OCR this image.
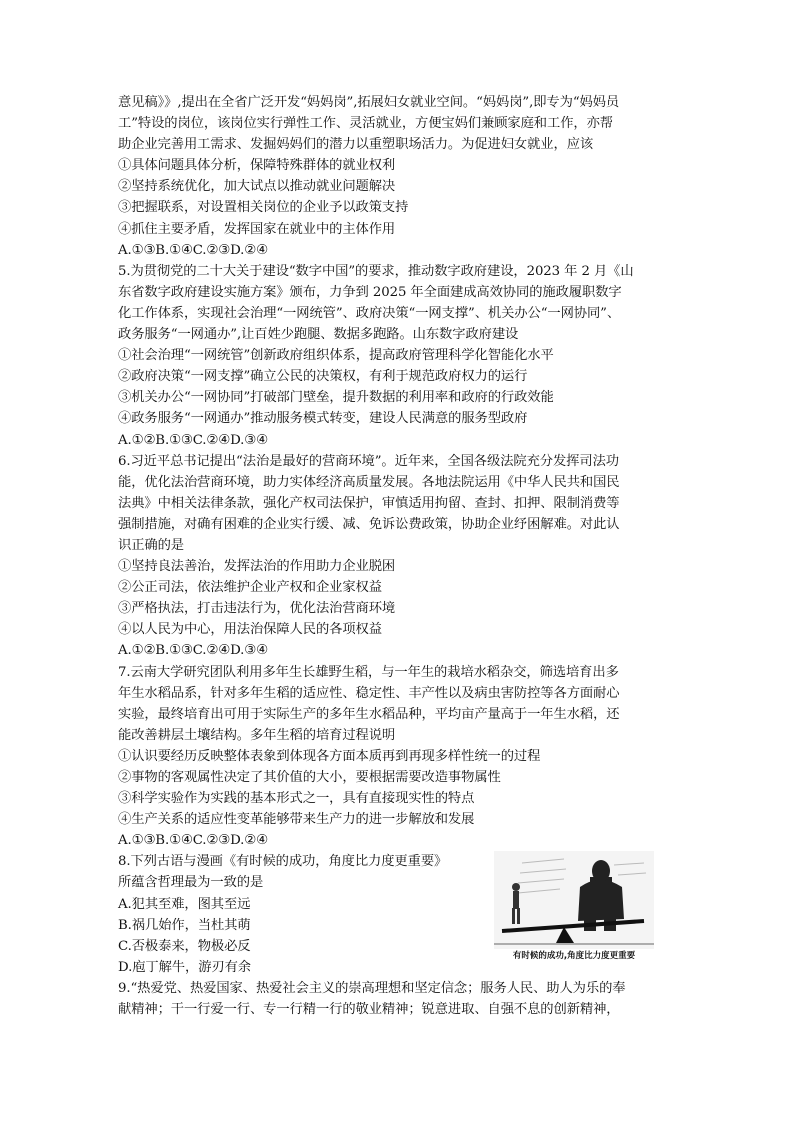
意见稿》》,提出在全省广泛开发“妈妈岗”,拓展妇女就业空间。“妈妈岗”,即专为“妈妈员
工”特设的岗位，该岗位实行弹性工作、灵活就业，方便宝妈们兼顾家庭和工作，亦帮
助企业完善用工需求、发掘妈妈们的潜力以重塑职场活力。为促进妇女就业，应该
①具体问题具体分析，保障特殊群体的就业权利
②坚持系统优化，加大试点以推动就业问题解决
③把握联系，对设置相关岗位的企业予以政策支持
④抓住主要矛盾，发挥国家在就业中的主体作用
A.①③B.①④C.②③D.②④
5.为贯彻党的二十大关于建设“数字中国”的要求，推动数字政府建设，2023 年 2 月《山
东省数字政府建设实施方案》颁布，力争到 2025 年全面建成高效协同的施政履职数字
化工作体系，实现社会治理“一网统管”、政府决策“一网支撑”、机关办公“一网协同”、
政务服务“一网通办”,让百姓少跑腿、数据多跑路。山东数字政府建设
①社会治理“一网统管”创新政府组织体系，提高政府管理科学化智能化水平
②政府决策“一网支撑”确立公民的决策权，有利于规范政府权力的运行
③机关办公“一网协同”打破部门壁垒，提升数据的利用率和政府的行政效能
④政务服务“一网通办”推动服务模式转变，建设人民满意的服务型政府
A.①②B.①③C.②④D.③④
6.习近平总书记提出“法治是最好的营商环境”。近年来，全国各级法院充分发挥司法功
能，优化法治营商环境，助力实体经济高质量发展。各地法院运用《中华人民共和国民
法典》中相关法律条款，强化产权司法保护，审慎适用拘留、查封、扣押、限制消费等
强制措施，对确有困难的企业实行缓、减、免诉讼费政策，协助企业纾困解难。对此认
识正确的是
①坚持良法善治，发挥法治的作用助力企业脱困
②公正司法，依法维护企业产权和企业家权益
③严格执法，打击违法行为，优化法治营商环境
④以人民为中心，用法治保障人民的各项权益
A.①②B.①③C.②④D.③④
7.云南大学研究团队利用多年生长雄野生稻，与一年生的栽培水稻杂交，筛选培育出多
年生水稻品系，针对多年生稻的适应性、稳定性、丰产性以及病虫害防控等各方面耐心
实验，最终培育出可用于实际生产的多年生水稻品种，平均亩产量高于一年生水稻，还
能改善耕层土壤结构。多年生稻的培育过程说明
①认识要经历反映整体表象到体现各方面本质再到再现多样性统一的过程
②事物的客观属性决定了其价值的大小，要根据需要改造事物属性
③科学实验作为实践的基本形式之一，具有直接现实性的特点
④生产关系的适应性变革能够带来生产力的进一步解放和发展
A.①③B.①④C.②③D.②④
8.下列古语与漫画《有时候的成功，角度比力度更重要》
所蕴含哲理最为一致的是
A.犯其至难，图其至远
B.祸几始作，当杜其萌
C.否极泰来，物极必反
D.庖丁解牛，游刃有余
有时候的成功,角度比力度更重要
9.“热爱党、热爱国家、热爱社会主义的崇高理想和坚定信念；服务人民、助人为乐的奉
献精神；干一行爱一行、专一行精一行的敬业精神；锐意进取、自强不息的创新精神，
